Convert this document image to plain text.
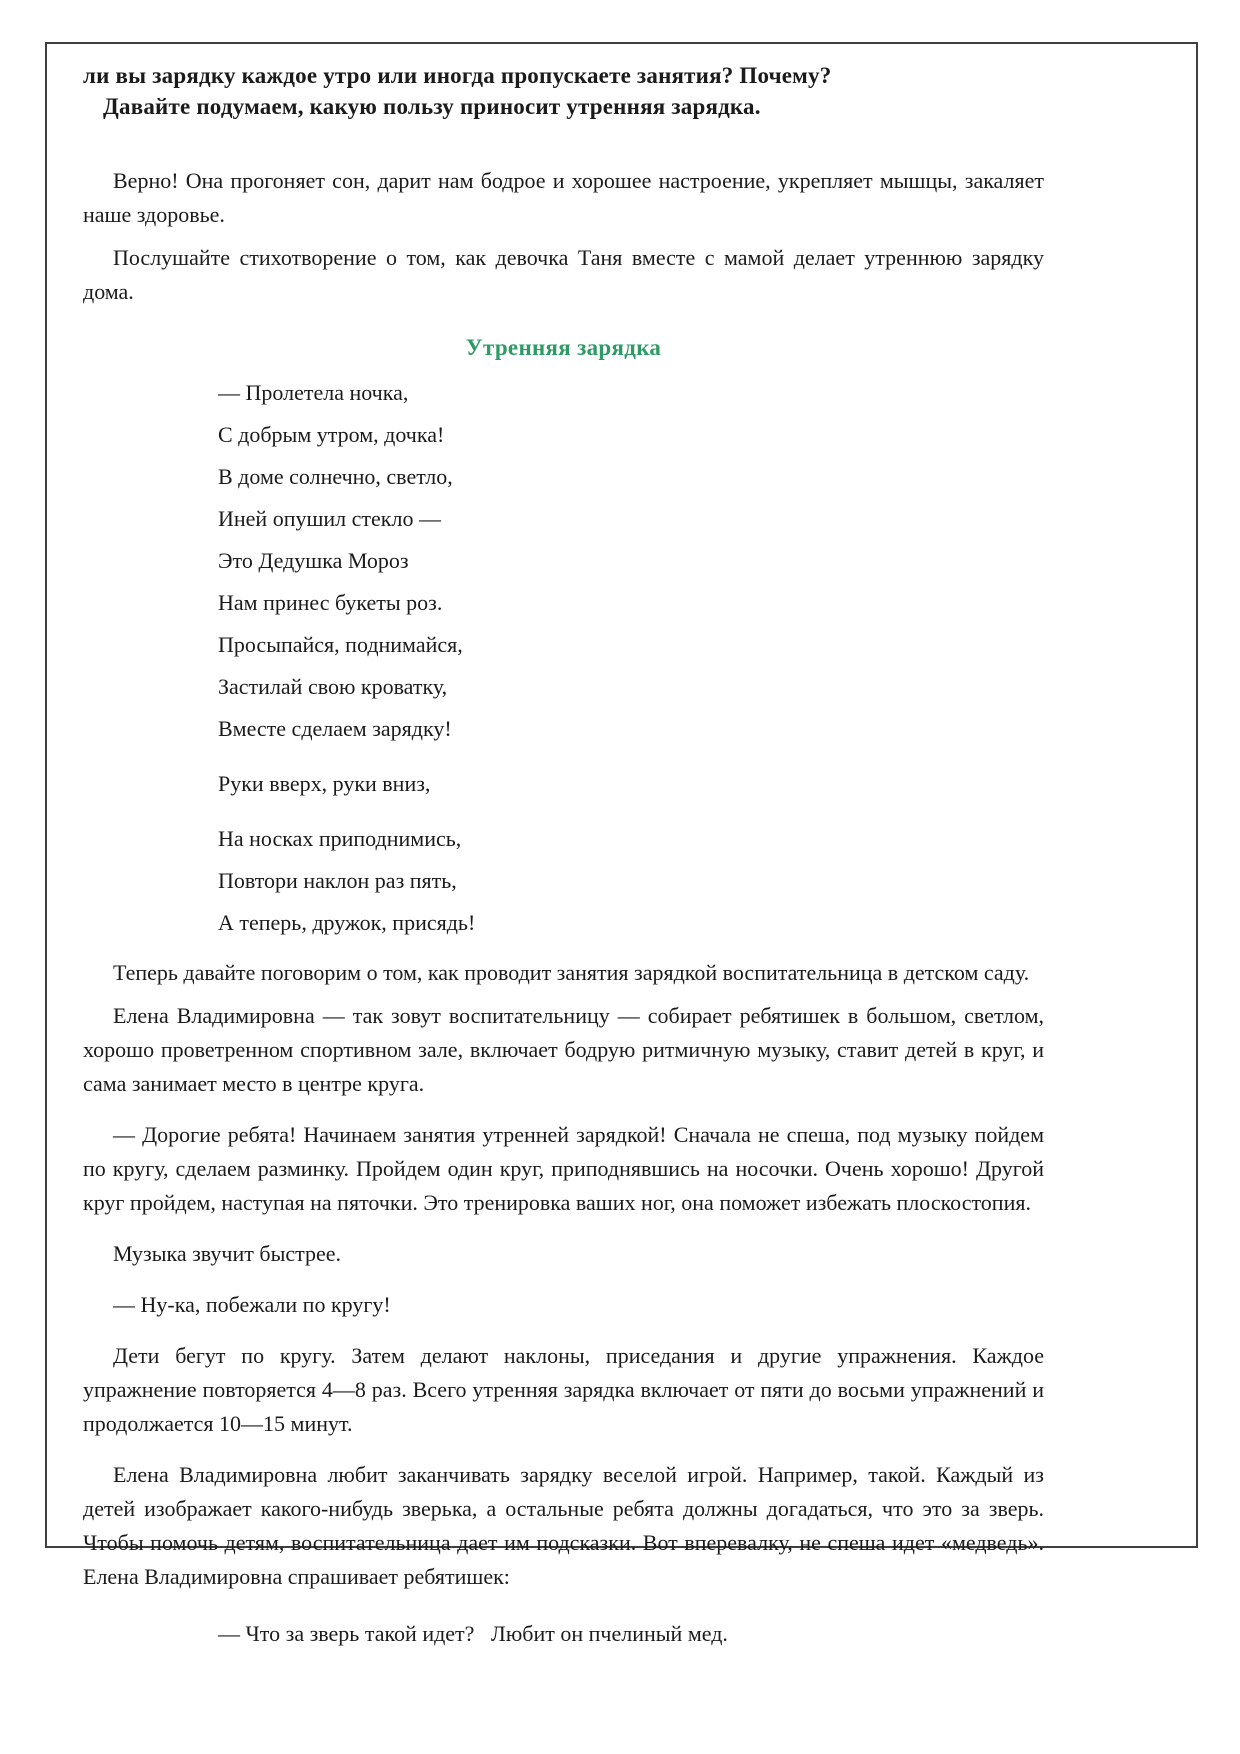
ли вы зарядку каждое утро или иногда пропускаете занятия? Почему?

Давайте подумаем, какую пользу приносит утренняя зарядка.

Верно! Она прогоняет сон, дарит нам бодрое и хорошее настроение, укрепляет мышцы, закаляет наше здоровье.

Послушайте стихотворение о том, как девочка Таня вместе с мамой делает утреннюю зарядку дома.

Утренняя зарядка

— Пролетела ночка,

С добрым утром, дочка!

В доме солнечно, светло,

Иней опушил стекло —

Это Дедушка Мороз

Нам принес букеты роз.

Просыпайся, поднимайся,

Застилай свою кроватку,

Вместе сделаем зарядку!

Руки вверх, руки вниз,

На носках приподнимись,

Повтори наклон раз пять,

А теперь, дружок, присядь!

Теперь давайте поговорим о том, как проводит занятия зарядкой воспитательница в детском саду.

Елена Владимировна — так зовут воспитательницу — собирает ребятишек в большом, светлом, хорошо проветренном спортивном зале, включает бодрую ритмичную музыку, ставит детей в круг, и сама занимает место в центре круга.

— Дорогие ребята! Начинаем занятия утренней зарядкой! Сначала не спеша, под музыку пойдем по кругу, сделаем разминку. Пройдем один круг, приподнявшись на носочки. Очень хорошо! Другой круг пройдем, наступая на пяточки. Это тренировка ваших ног, она поможет избежать плоскостопия.

Музыка звучит быстрее.

— Ну-ка, побежали по кругу!

Дети бегут по кругу. Затем делают наклоны, приседания и другие упражнения. Каждое упражнение повторяется 4—8 раз. Всего утренняя зарядка включает от пяти до восьми упражнений и продолжается 10—15 минут.

Елена Владимировна любит заканчивать зарядку веселой игрой. Например, такой. Каждый из детей изображает какого-нибудь зверька, а остальные ребята должны догадаться, что это за зверь. Чтобы помочь детям, воспитательница дает им подсказки. Вот вперевалку, не спеша идет «медведь». Елена Владимировна спрашивает ребятишек:

— Что за зверь такой идет?   Любит он пчелиный мед.
